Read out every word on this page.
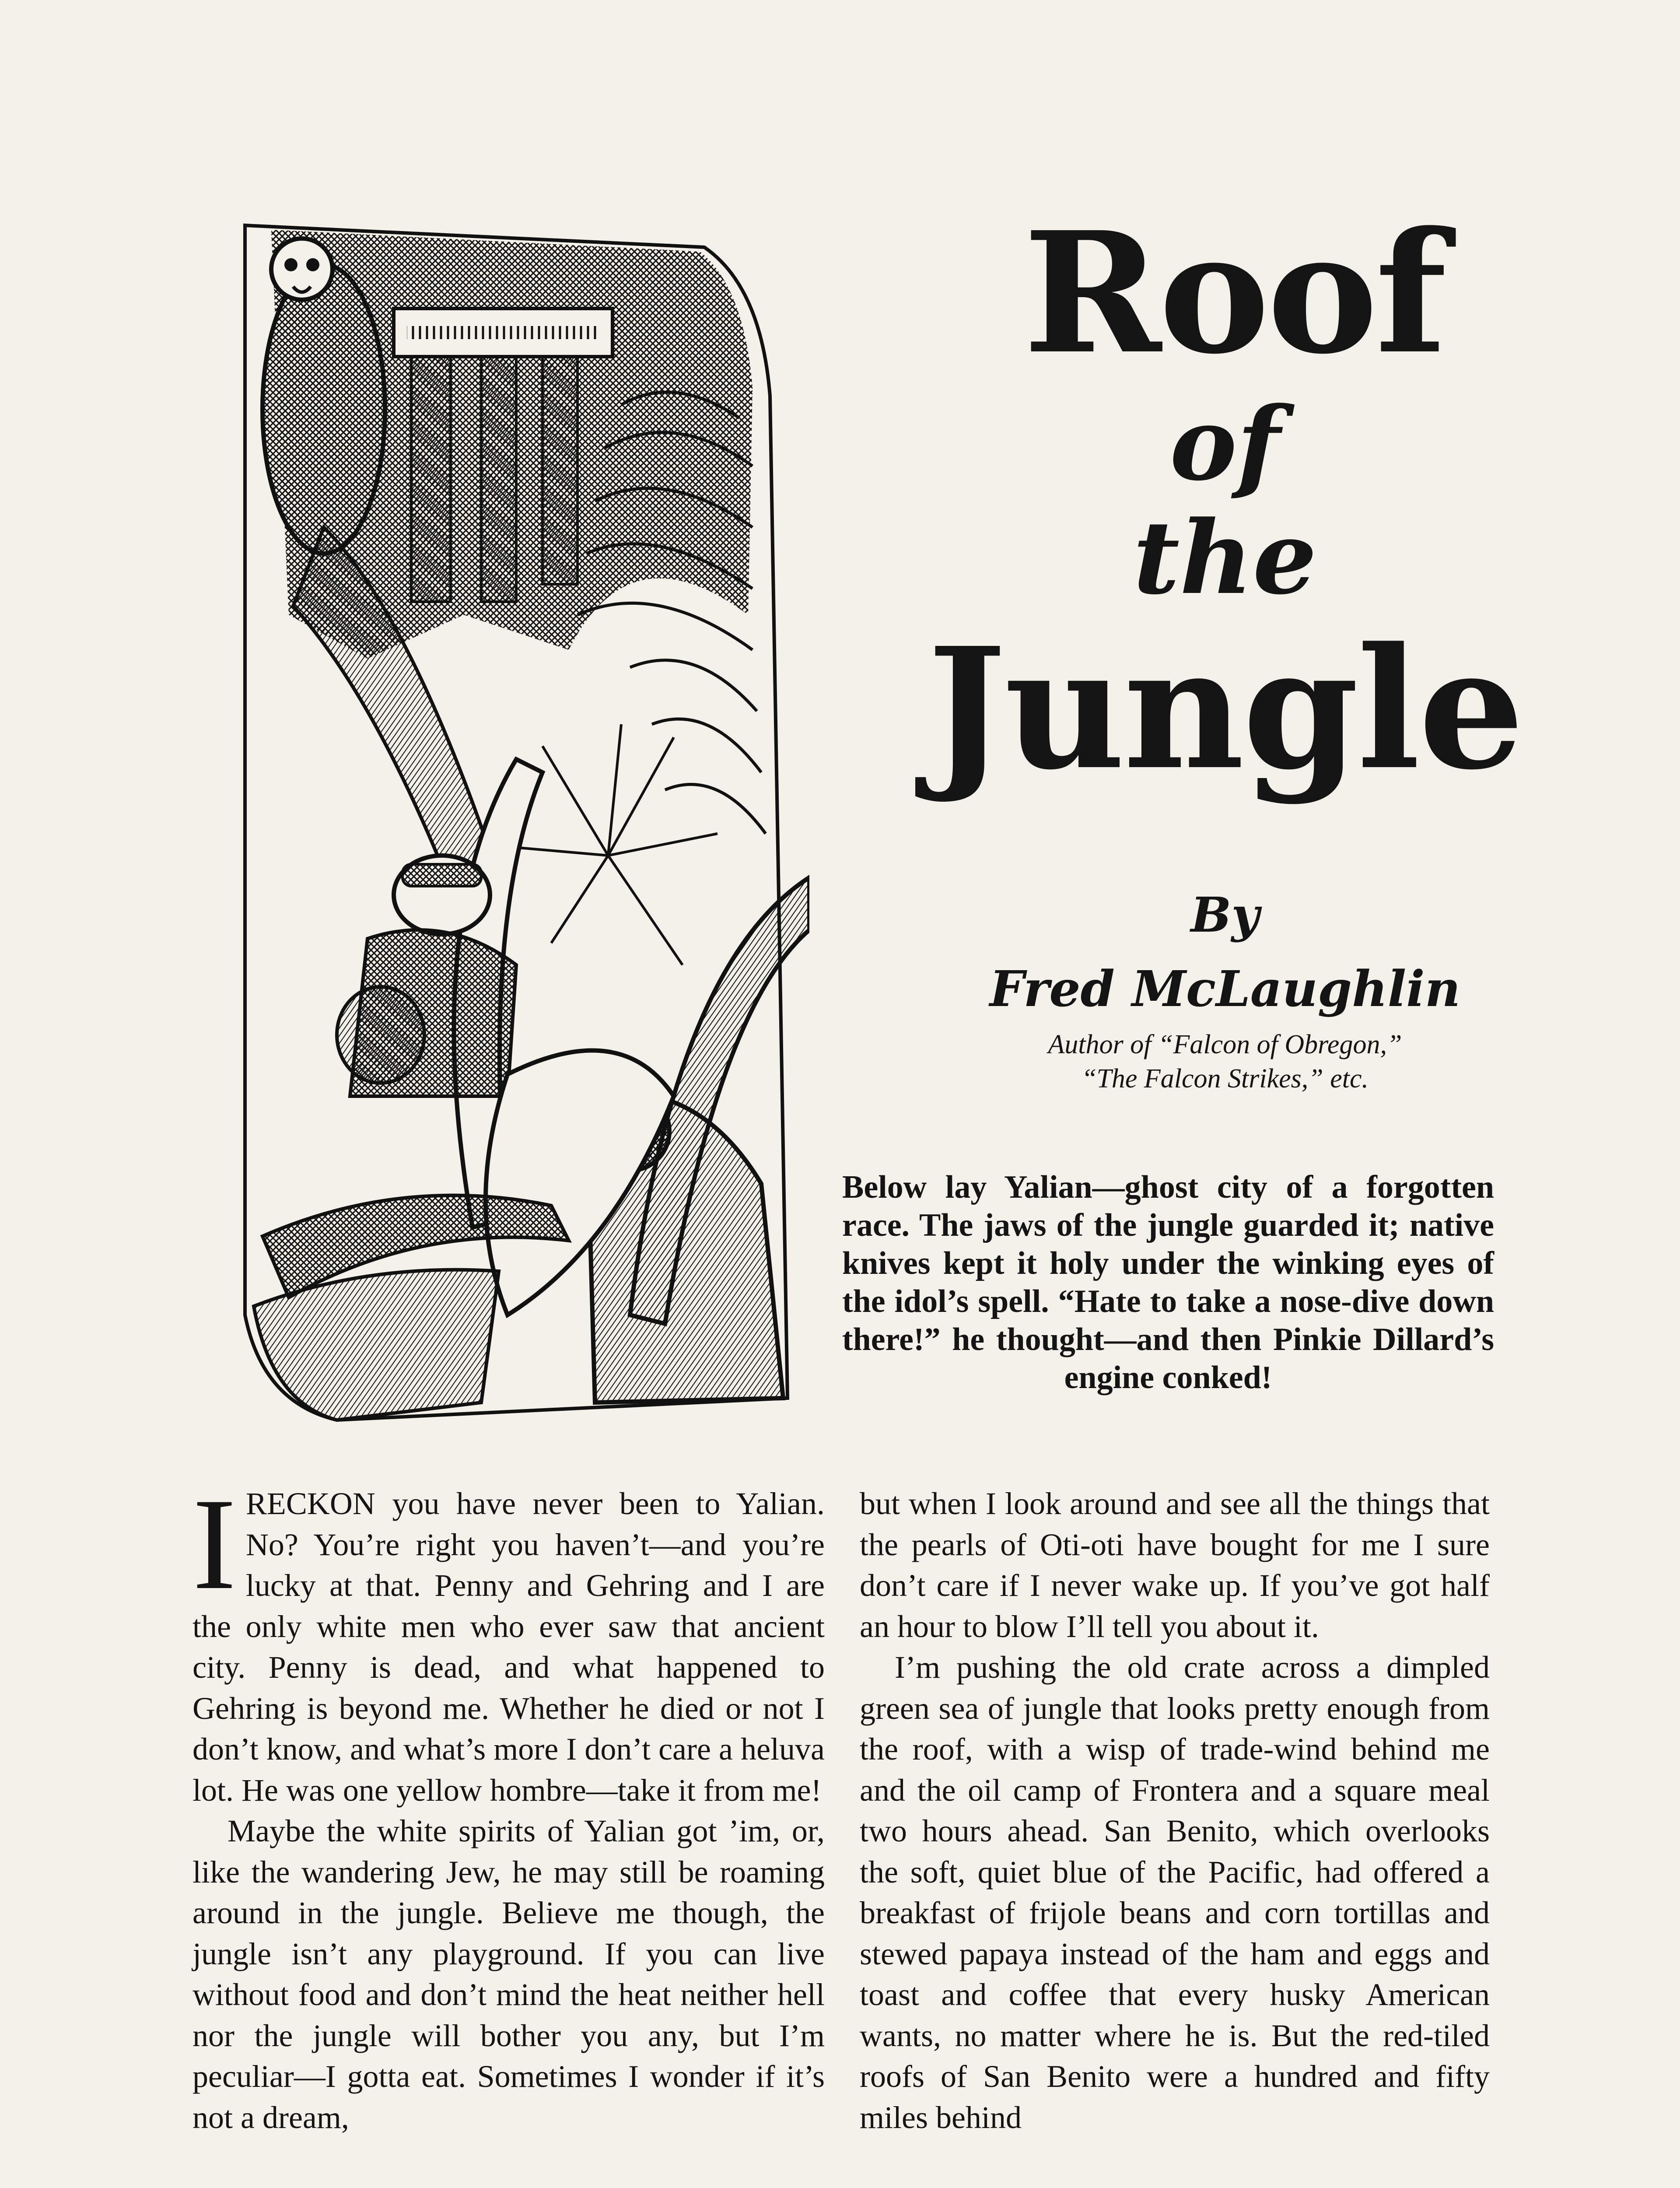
Roof
of
the
Jungle
By
Fred McLaughlin
Author of “Falcon of Obregon,”
“The Falcon Strikes,” etc.
Below lay Yalian—ghost city of a forgotten race. The jaws of the jungle guarded it; native knives kept it holy under the winking eyes of the idol’s spell. “Hate to take a nose-dive down there!” he thought—and then Pinkie Dillard’s engine conked!

IRECKON you have never been to Yalian. No? You’re right you haven’t—and you’re lucky at that. Penny and Gehring and I are the only white men who ever saw that ancient city. Penny is dead, and what happened to Gehring is beyond me. Whether he died or not I don’t know, and what’s more I don’t care a heluva lot. He was one yellow hombre—take it from me!

Maybe the white spirits of Yalian got ’im, or, like the wandering Jew, he may still be roaming around in the jungle. Believe me though, the jungle isn’t any playground. If you can live without food and don’t mind the heat neither hell nor the jungle will bother you any, but I’m peculiar—I gotta eat. Sometimes I wonder if it’s not a dream,

but when I look around and see all the things that the pearls of Oti-oti have bought for me I sure don’t care if I never wake up. If you’ve got half an hour to blow I’ll tell you about it.

I’m pushing the old crate across a dimpled green sea of jungle that looks pretty enough from the roof, with a wisp of trade-wind behind me and the oil camp of Frontera and a square meal two hours ahead. San Benito, which overlooks the soft, quiet blue of the Pacific, had offered a breakfast of frijole beans and corn tortillas and stewed papaya instead of the ham and eggs and toast and coffee that every husky American wants, no matter where he is. But the red-tiled roofs of San Benito were a hundred and fifty miles behind
